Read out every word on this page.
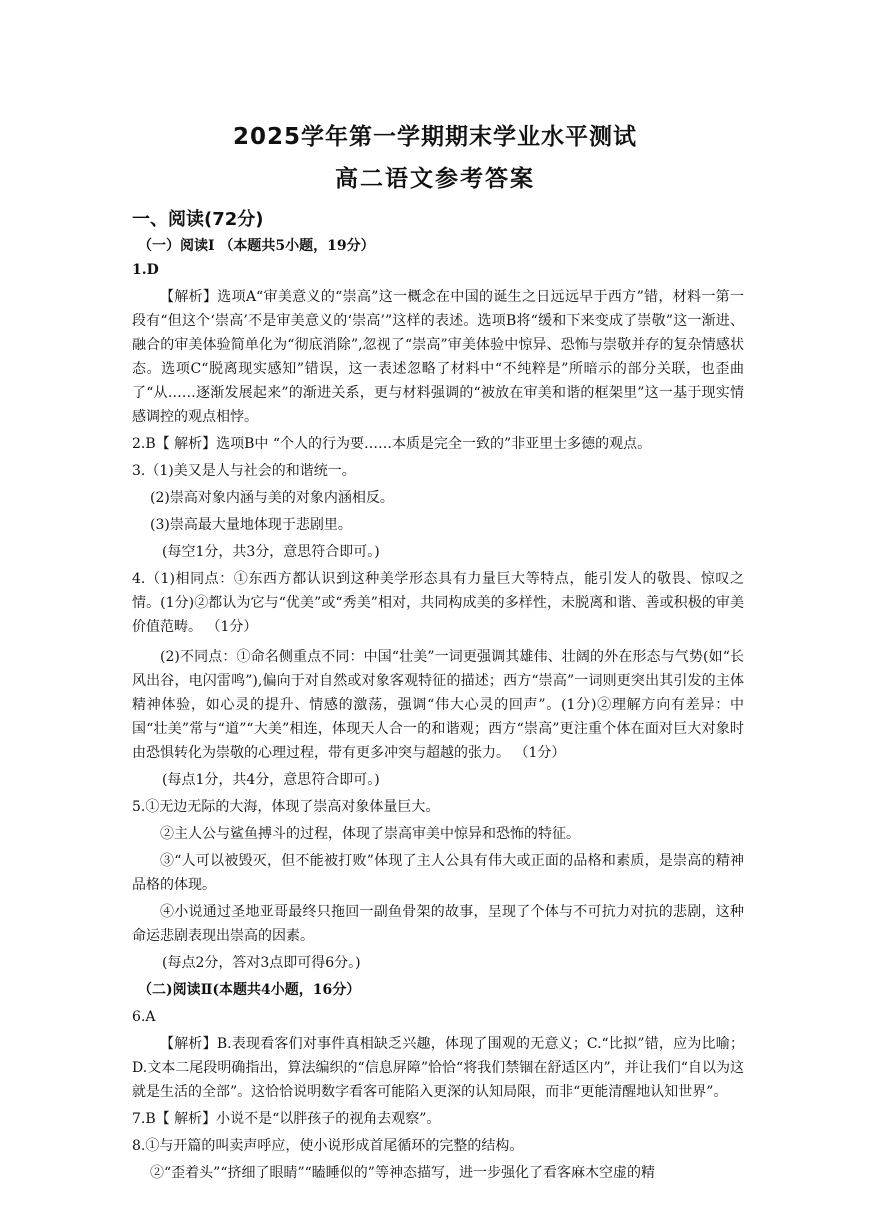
2025学年第一学期期末学业水平测试
高二语文参考答案

一、阅读(72分)

（一）阅读I （本题共5小题，19分）

1.D

【解析】选项A“审美意义的“崇高”这一概念在中国的诞生之日远远早于西方”错，材料一第一段有“但这个‘崇高’不是审美意义的‘崇高’”这样的表述。选项B将“缓和下来变成了崇敬”这一渐进、融合的审美体验简单化为“彻底消除”,忽视了“崇高”审美体验中惊异、恐怖与崇敬并存的复杂情感状态。选项C“脱离现实感知”错误，这一表述忽略了材料中“不纯粹是”所暗示的部分关联，也歪曲了“从……逐渐发展起来”的渐进关系，更与材料强调的“被放在审美和谐的框架里”这一基于现实情感调控的观点相悖。

2.B【 解析】选项B中 “个人的行为要……本质是完全一致的”非亚里士多德的观点。

3.（1)美又是人与社会的和谐统一。

(2)崇高对象内涵与美的对象内涵相反。

(3)崇高最大量地体现于悲剧里。

(每空1分，共3分，意思符合即可。)

4.（1)相同点：①东西方都认识到这种美学形态具有力量巨大等特点，能引发人的敬畏、惊叹之情。(1分)②都认为它与“优美”或“秀美”相对，共同构成美的多样性，未脱离和谐、善或积极的审美价值范畴。 （1分）

(2)不同点：①命名侧重点不同：中国“壮美”一词更强调其雄伟、壮阔的外在形态与气势(如“长风出谷，电闪雷鸣”),偏向于对自然或对象客观特征的描述；西方“崇高”一词则更突出其引发的主体精神体验，如心灵的提升、情感的激荡，强调“伟大心灵的回声”。(1分)②理解方向有差异：中国“壮美”常与“道”“大美”相连，体现天人合一的和谐观；西方“崇高”更注重个体在面对巨大对象时由恐惧转化为崇敬的心理过程，带有更多冲突与超越的张力。 （1分）

(每点1分，共4分，意思符合即可。)

5.①无边无际的大海，体现了崇高对象体量巨大。

②主人公与鲨鱼搏斗的过程，体现了崇高审美中惊异和恐怖的特征。

③“人可以被毁灭，但不能被打败”体现了主人公具有伟大或正面的品格和素质，是崇高的精神品格的体现。

④小说通过圣地亚哥最终只拖回一副鱼骨架的故事，呈现了个体与不可抗力对抗的悲剧，这种命运悲剧表现出崇高的因素。

(每点2分，答对3点即可得6分。)

（二)阅读Ⅱ(本题共4小题，16分）

6.A

【解析】B.表现看客们对事件真相缺乏兴趣，体现了围观的无意义；C.“比拟”错，应为比喻；D.文本二尾段明确指出，算法编织的“信息屏障”恰恰“将我们禁锢在舒适区内”，并让我们“自以为这就是生活的全部”。这恰恰说明数字看客可能陷入更深的认知局限，而非“更能清醒地认知世界”。

7.B【 解析】小说不是“以胖孩子的视角去观察”。

8.①与开篇的叫卖声呼应，使小说形成首尾循环的完整的结构。

②“歪着头”“挤细了眼睛”“瞌睡似的”等神态描写，进一步强化了看客麻木空虚的精
